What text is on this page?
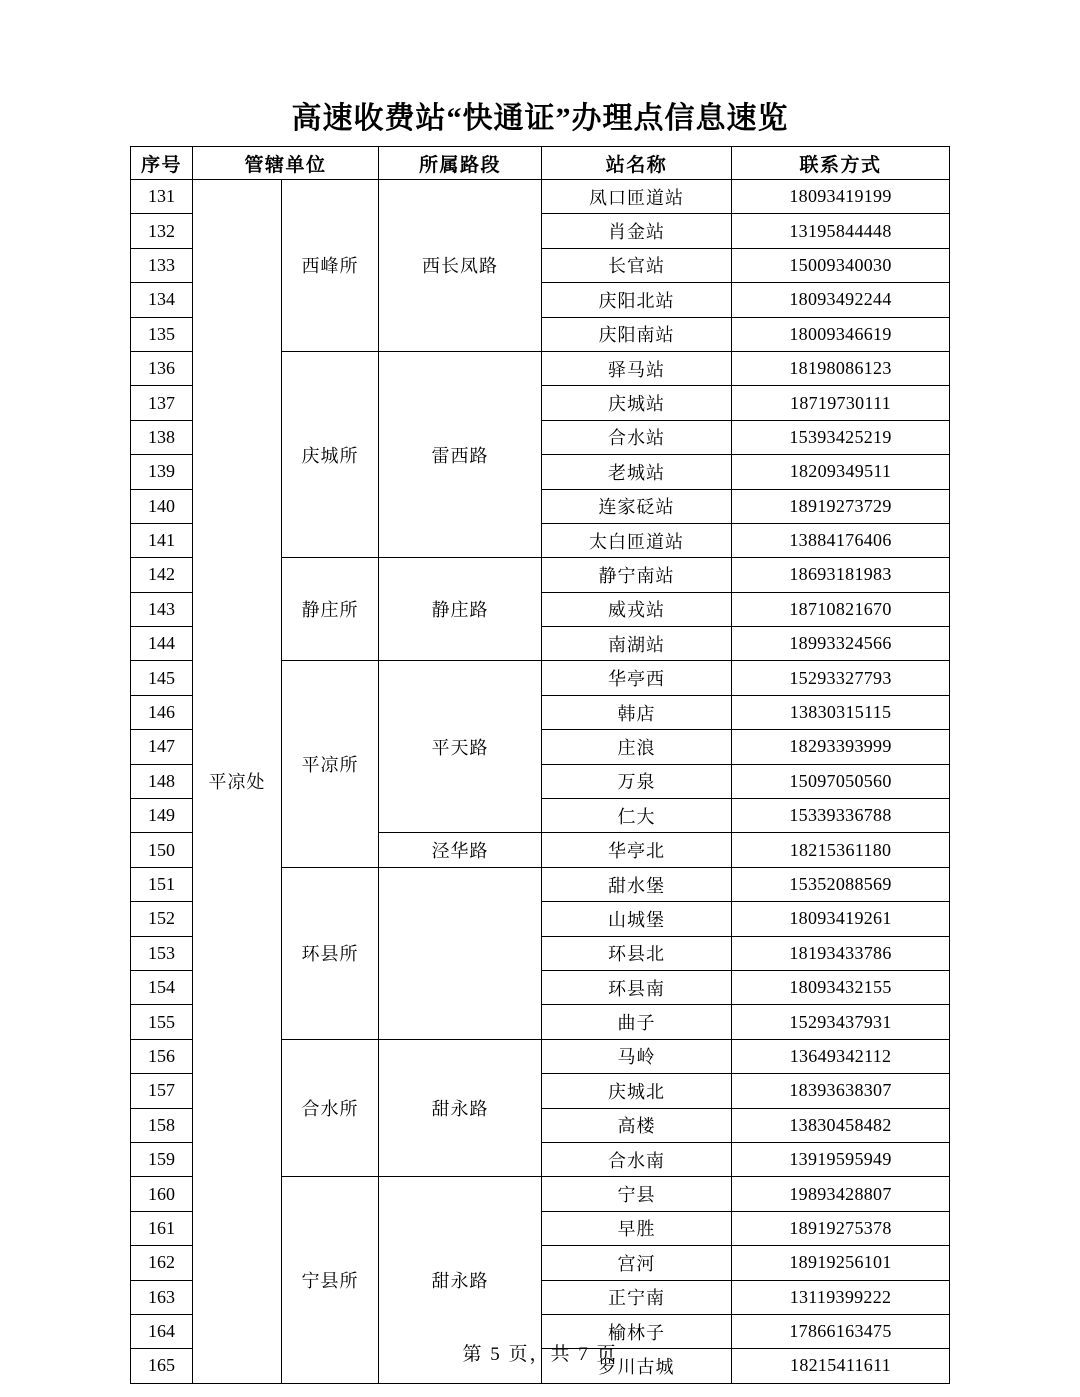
高速收费站“快通证”办理点信息速览
序号	管辖单位		所属路段	站名称	联系方式
131	平凉处	西峰所	西长凤路	凤口匝道站	18093419199
132				肖金站	13195844448
133				长官站	15009340030
134				庆阳北站	18093492244
135				庆阳南站	18009346619
136		庆城所	雷西路	驿马站	18198086123
137				庆城站	18719730111
138				合水站	15393425219
139				老城站	18209349511
140				连家砭站	18919273729
141				太白匝道站	13884176406
142		静庄所	静庄路	静宁南站	18693181983
143				威戎站	18710821670
144				南湖站	18993324566
145		平凉所	平天路	华亭西	15293327793
146				韩店	13830315115
147				庄浪	18293393999
148				万泉	15097050560
149				仁大	15339336788
150			泾华路	华亭北	18215361180
151		环县所		甜水堡	15352088569
152				山城堡	18093419261
153				环县北	18193433786
154				环县南	18093432155
155				曲子	15293437931
156		合水所	甜永路	马岭	13649342112
157				庆城北	18393638307
158				高楼	13830458482
159				合水南	13919595949
160		宁县所	甜永路	宁县	19893428807
161				早胜	18919275378
162				宫河	18919256101
163				正宁南	13119399222
164				榆林子	17866163475
165				罗川古城	18215411611
第 5 页，共 7 页
